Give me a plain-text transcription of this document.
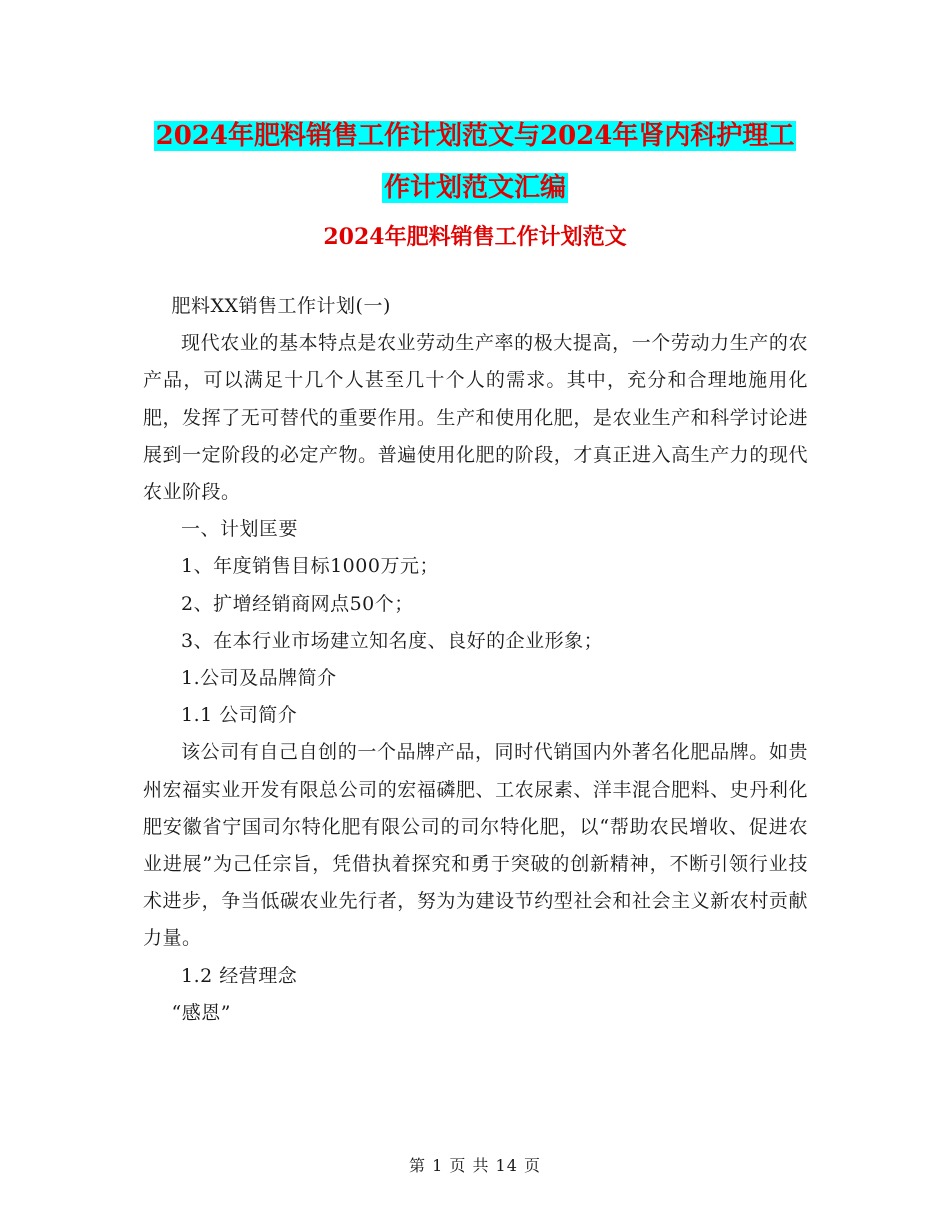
2024年肥料销售工作计划范文与2024年肾内科护理工
作计划范文汇编
2024年肥料销售工作计划范文

肥料XX销售工作计划(一)

现代农业的基本特点是农业劳动生产率的极大提高，一个劳动力生产的农产品，可以满足十几个人甚至几十个人的需求。其中，充分和合理地施用化肥，发挥了无可替代的重要作用。生产和使用化肥，是农业生产和科学讨论进展到一定阶段的必定产物。普遍使用化肥的阶段，才真正进入高生产力的现代农业阶段。

一、计划匡要

1、年度销售目标1000万元；

2、扩增经销商网点50个；

3、在本行业市场建立知名度、良好的企业形象；

1.公司及品牌简介

1.1 公司简介

该公司有自己自创的一个品牌产品，同时代销国内外著名化肥品牌。如贵州宏福实业开发有限总公司的宏福磷肥、工农尿素、洋丰混合肥料、史丹利化肥安徽省宁国司尔特化肥有限公司的司尔特化肥，以“帮助农民增收、促进农业进展”为己任宗旨，凭借执着探究和勇于突破的创新精神，不断引领行业技术进步，争当低碳农业先行者，努为为建设节约型社会和社会主义新农村贡献力量。

1.2 经营理念

“感恩”

第 1 页 共 14 页
